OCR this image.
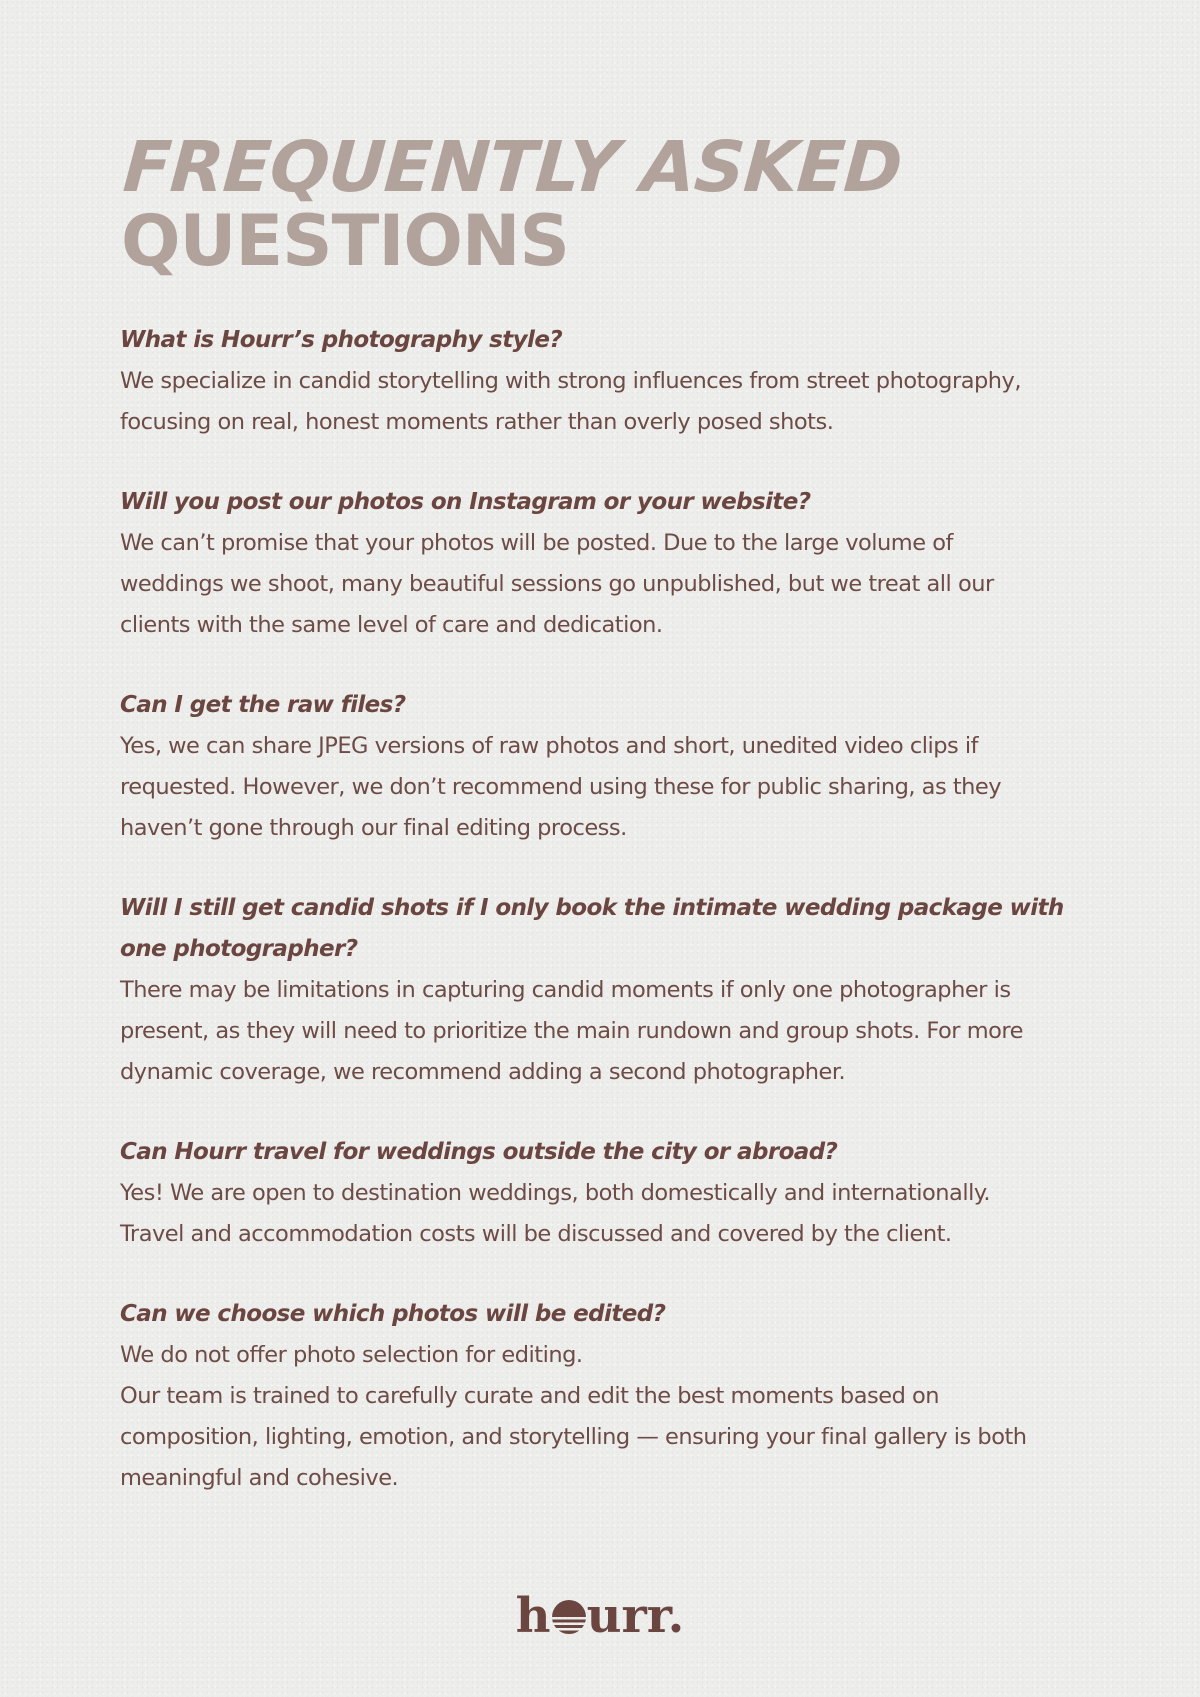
FREQUENTLY ASKED
QUESTIONS

What is Hourr’s photography style?

We specialize in candid storytelling with strong influences from street photography,
focusing on real, honest moments rather than overly posed shots.

Will you post our photos on Instagram or your website?

We can’t promise that your photos will be posted. Due to the large volume of
weddings we shoot, many beautiful sessions go unpublished, but we treat all our
clients with the same level of care and dedication.

Can I get the raw files?

Yes, we can share JPEG versions of raw photos and short, unedited video clips if
requested. However, we don’t recommend using these for public sharing, as they
haven’t gone through our final editing process.

Will I still get candid shots if I only book the intimate wedding package with
one photographer?

There may be limitations in capturing candid moments if only one photographer is
present, as they will need to prioritize the main rundown and group shots. For more
dynamic coverage, we recommend adding a second photographer.

Can Hourr travel for weddings outside the city or abroad?

Yes! We are open to destination weddings, both domestically and internationally.
Travel and accommodation costs will be discussed and covered by the client.

Can we choose which photos will be edited?

We do not offer photo selection for editing.
Our team is trained to carefully curate and edit the best moments based on
composition, lighting, emotion, and storytelling — ensuring your final gallery is both
meaningful and cohesive.

h urr.
